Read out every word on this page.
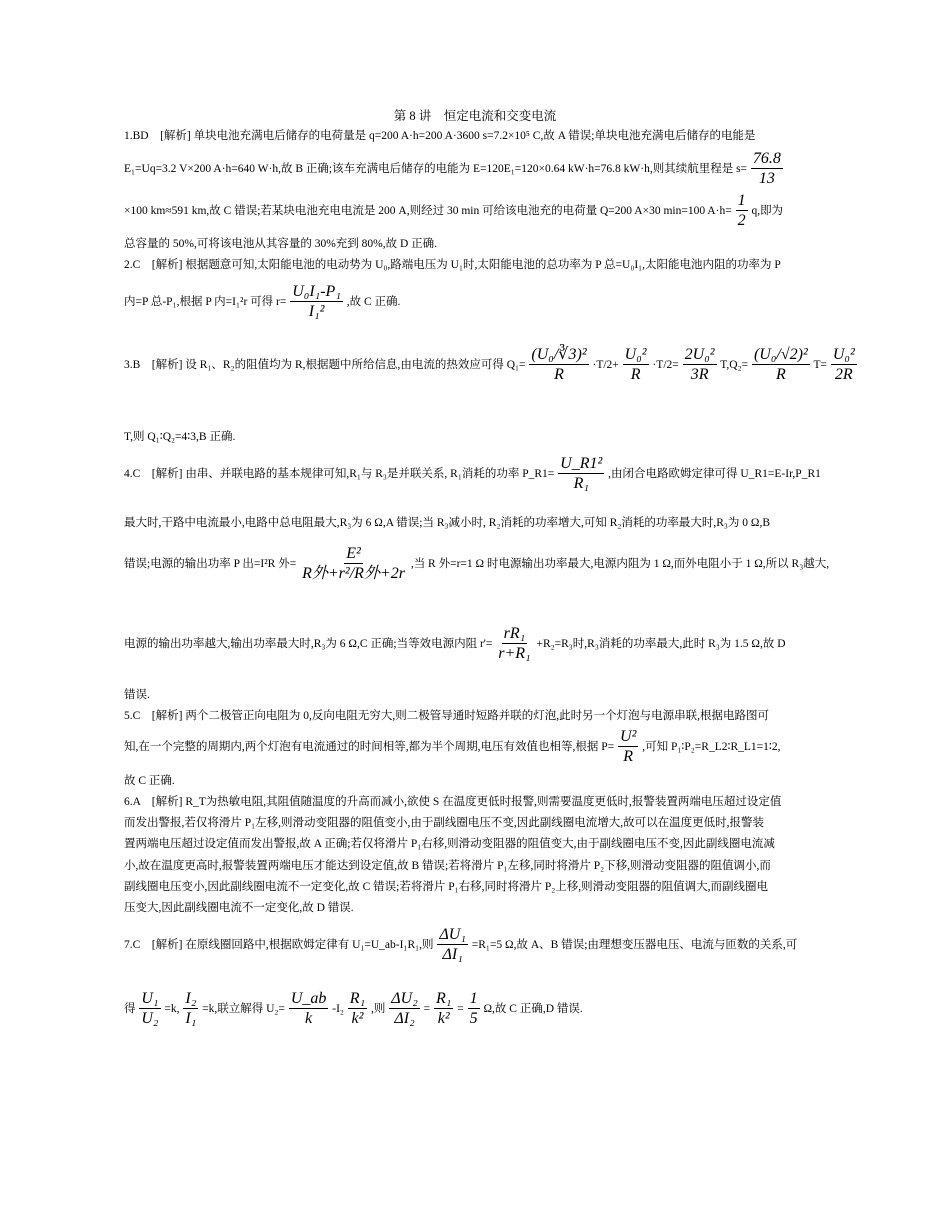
第 8 讲　恒定电流和交变电流
1.BD　[解析] 单块电池充满电后储存的电荷量是 q=200 A·h=200 A·3600 s=7.2×10⁵ C,故 A 错误;单块电池充满电后储存的电能是
E₁=Uq=3.2 V×200 A·h=640 W·h,故 B 正确;该车充满电后储存的电能为 E=120E₁=120×0.64 kW·h=76.8 kW·h,则其续航里程是 $s= \frac{76.8}{13}$
×100 km≈591 km,故 C 错误;若某块电池充电电流是 200 A,则经过 30 min 可给该电池充的电荷量 Q=200 A×30 min=100 $A\cdot h= \frac{1}{2} q$,即为
总容量的 50%,可将该电池从其容量的 30%充到 80%,故 D 正确.
2.C　[解析] 根据题意可知,太阳能电池的电动势为 U₀,路端电压为 U₁时,太阳能电池的总功率为 P 总=U₀I₁,太阳能电池内阻的功率为 P
内=P 总-P₁,根据 P 内=I₁²r 可得 $r= \frac{\text{U₀I₁-P₁}}{\text{I₁²}}$ ,故 C 正确.
3.B　[解析] 设 R₁、R₂的阻值均为 R,根据题中所给信息,由电流的热效应可得 $Q_1= \frac{\text{(U₀/∛3)²}}{R} \cdot T/2+ \frac{\text{U₀²}}{R} \cdot T/2= \frac{\text{2U₀²}}{3R} T,Q_2= \frac{\text{(U₀/√2)²}}{R} T= \frac{\text{U₀²}}{2R}$
T,则 Q₁∶Q₂=4∶3,B 正确.
4.C　[解析] 由串、并联电路的基本规律可知,R₁与 R₃是并联关系, R₁消耗的功率 P_R1= $\frac{\text{U\_R1²}}{\text{R₁}}$ ,由闭合电路欧姆定律可得 U_R1=E-Ir,P_R1
最大时,干路中电流最小,电路中总电阻最大,R₃为 6 Ω,A 错误;当 R₃减小时, R₂消耗的功率增大,可知 R₂消耗的功率最大时,R₃为 0 Ω,B
错误;电源的输出功率 P 出=I²R 外= $\frac{\text{E²}}{\text{R外+r²/R外+2r}}$ ,当 R 外=r=1 Ω 时电源输出功率最大,电源内阻为 1 Ω,而外电阻小于 1 Ω,所以 R₃越大,
电源的输出功率越大,输出功率最大时,R₃为 6 Ω,C 正确;当等效电源内阻 $r'= \frac{\text{rR₁}}{\text{r+R₁}} +R_2=R_3$时,R₃消耗的功率最大,此时 R₃为 1.5 Ω,故 D
错误.
5.C　[解析] 两个二极管正向电阻为 0,反向电阻无穷大,则二极管导通时短路并联的灯泡,此时另一个灯泡与电源串联,根据电路图可
知,在一个完整的周期内,两个灯泡有电流通过的时间相等,都为半个周期,电压有效值也相等,根据 $P= \frac{\text{U²}}{R}$ ,可知 P₁∶P₂=R_L2∶R_L1=1∶2,
故 C 正确.
6.A　[解析] R_T为热敏电阻,其阻值随温度的升高而减小,欲使 S 在温度更低时报警,则需要温度更低时,报警装置两端电压超过设定值
而发出警报,若仅将滑片 P₁左移,则滑动变阻器的阻值变小,由于副线圈电压不变,因此副线圈电流增大,故可以在温度更低时,报警装
置两端电压超过设定值而发出警报,故 A 正确;若仅将滑片 P₁右移,则滑动变阻器的阻值变大,由于副线圈电压不变,因此副线圈电流减
小,故在温度更高时,报警装置两端电压才能达到设定值,故 B 错误;若将滑片 P₁左移,同时将滑片 P₂下移,则滑动变阻器的阻值调小,而
副线圈电压变小,因此副线圈电流不一定变化,故 C 错误;若将滑片 P₁右移,同时将滑片 P₂上移,则滑动变阻器的阻值调大,而副线圈电
压变大,因此副线圈电流不一定变化,故 D 错误.
7.C　[解析] 在原线圈回路中,根据欧姆定律有 U₁=U_ab-I₁R₁,则 $\frac{\text{ΔU₁}}{\text{ΔI₁}} =R_1=5$ Ω,故 A、B 错误;由理想变压器电压、电流与匝数的关系,可
得 $\frac{\text{U₁}}{\text{U₂}} =k$, $\frac{\text{I₂}}{\text{I₁}} =k$,联立解得 $U_2= \frac{U\_ab}{k} -I_2 \frac{\text{R₁}}{\text{k²}}$ ,则 $\frac{\text{ΔU₂}}{\text{ΔI₂}} = \frac{\text{R₁}}{\text{k²}} = \frac{1}{5} \Omega$,故 C 正确,D 错误.
